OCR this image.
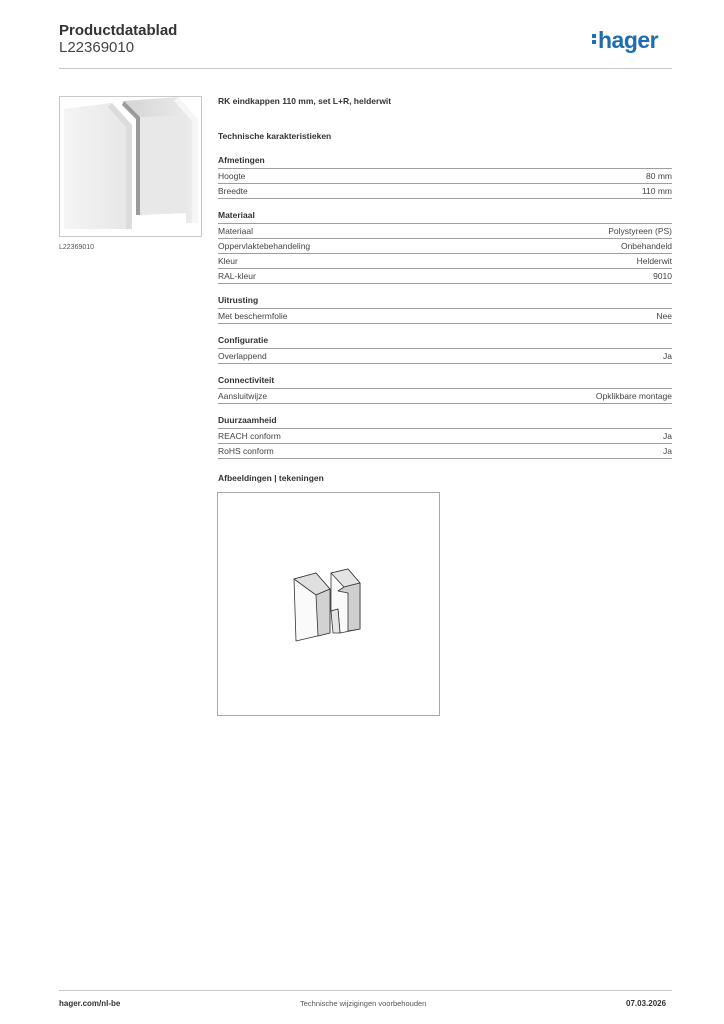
Productdatablad
L22369010	hager
L22369010
RK eindkappen 110 mm, set L+R, helderwit
Technische karakteristieken
Afmetingen
Hoogte	80 mm
Breedte	110 mm
Materiaal
Materiaal	Polystyreen (PS)
Oppervlaktebehandeling	Onbehandeld
Kleur	Helderwit
RAL-kleur	9010
Uitrusting
Met beschermfolie	Nee
Configuratie
Overlappend	Ja
Connectiviteit
Aansluitwijze	Opklikbare montage
Duurzaamheid
REACH conform	Ja
RoHS conform	Ja
Afbeeldingen | tekeningen
hager.com/nl-be	Technische wijzigingen voorbehouden	07.03.2026
